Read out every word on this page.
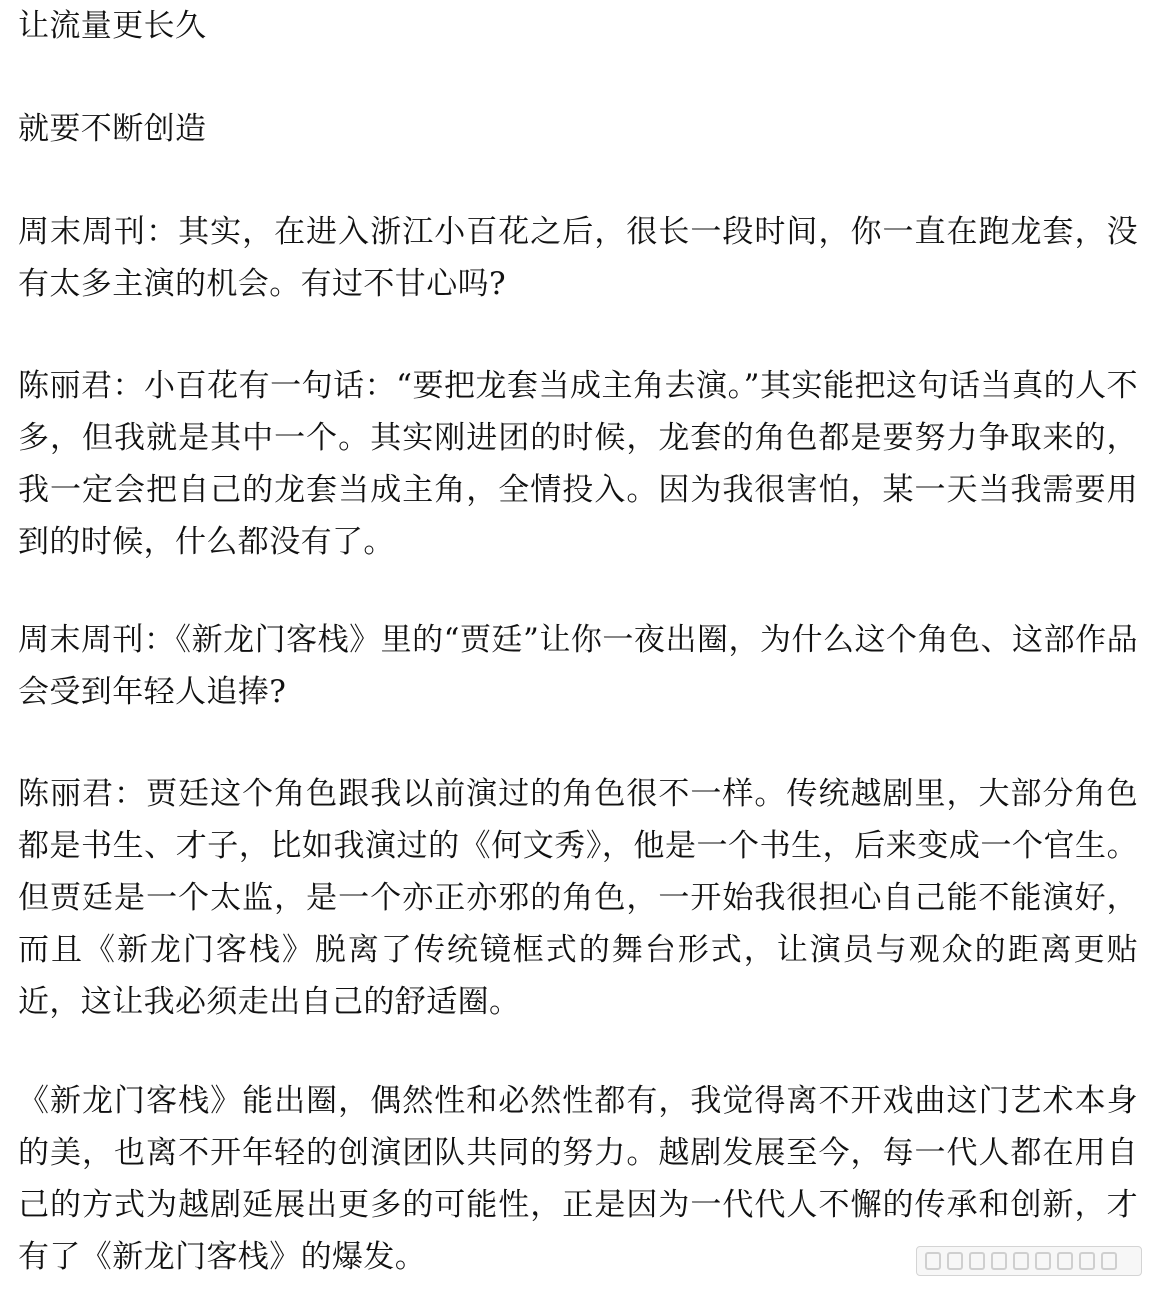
让流量更长久

就要不断创造

周末周刊：其实，在进入浙江小百花之后，很长一段时间，你一直在跑龙套，没有太多主演的机会。有过不甘心吗?

陈丽君：小百花有一句话：“要把龙套当成主角去演。”其实能把这句话当真的人不多，但我就是其中一个。其实刚进团的时候，龙套的角色都是要努力争取来的，我一定会把自己的龙套当成主角，全情投入。因为我很害怕，某一天当我需要用到的时候，什么都没有了。

周末周刊：《新龙门客栈》里的“贾廷”让你一夜出圈，为什么这个角色、这部作品会受到年轻人追捧?

陈丽君：贾廷这个角色跟我以前演过的角色很不一样。传统越剧里，大部分角色都是书生、才子，比如我演过的《何文秀》，他是一个书生，后来变成一个官生。但贾廷是一个太监，是一个亦正亦邪的角色，一开始我很担心自己能不能演好，而且《新龙门客栈》脱离了传统镜框式的舞台形式，让演员与观众的距离更贴近，这让我必须走出自己的舒适圈。

《新龙门客栈》能出圈，偶然性和必然性都有，我觉得离不开戏曲这门艺术本身的美，也离不开年轻的创演团队共同的努力。越剧发展至今，每一代人都在用自己的方式为越剧延展出更多的可能性，正是因为一代代人不懈的传承和创新，才有了《新龙门客栈》的爆发。
